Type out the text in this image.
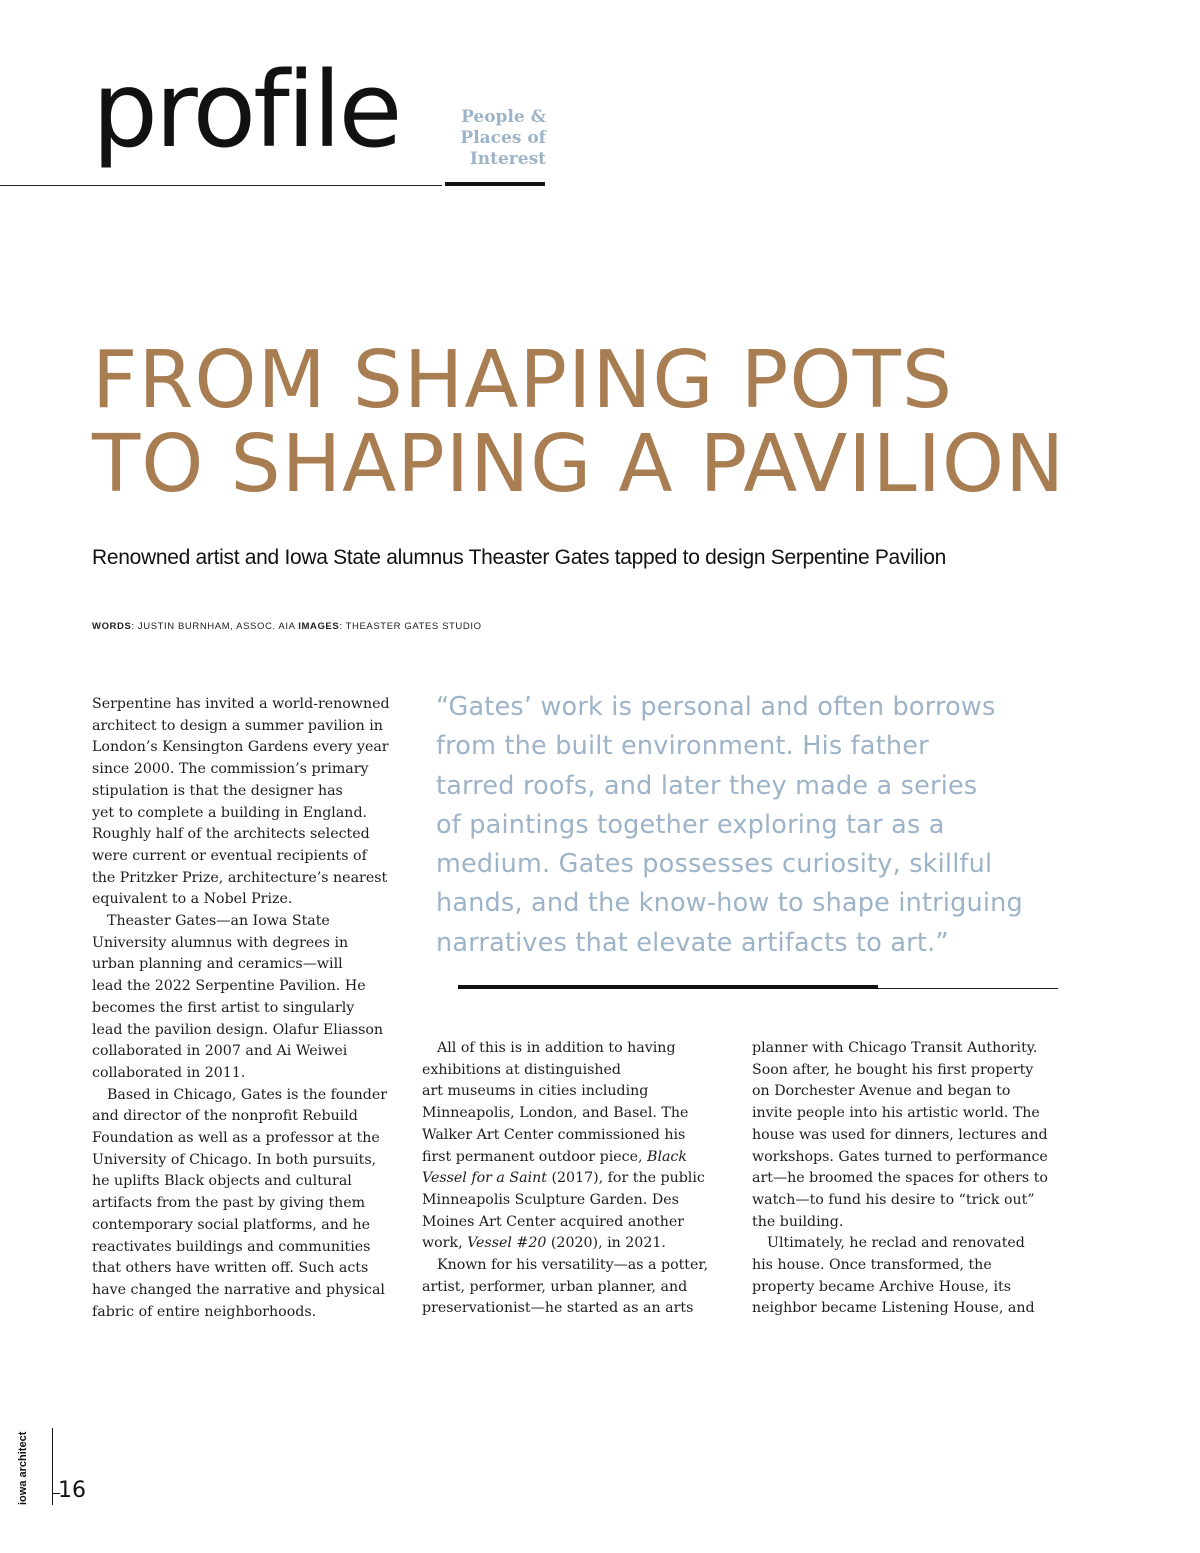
profile	People &
Places of
Interest
FROM SHAPING POTS
TO SHAPING A PAVILION
Renowned artist and Iowa State alumnus Theaster Gates tapped to design Serpentine Pavilion
WORDS: JUSTIN BURNHAM, ASSOC. AIA IMAGES: THEASTER GATES STUDIO

Serpentine has invited a world-renowned
architect to design a summer pavilion in
London’s Kensington Gardens every year
since 2000. The commission’s primary
stipulation is that the designer has
yet to complete a building in England.
Roughly half of the architects selected
were current or eventual recipients of
the Pritzker Prize, architecture’s nearest
equivalent to a Nobel Prize.

Theaster Gates—an Iowa State
University alumnus with degrees in
urban planning and ceramics—will
lead the 2022 Serpentine Pavilion. He
becomes the first artist to singularly
lead the pavilion design. Olafur Eliasson
collaborated in 2007 and Ai Weiwei
collaborated in 2011.

Based in Chicago, Gates is the founder
and director of the nonprofit Rebuild
Foundation as well as a professor at the
University of Chicago. In both pursuits,
he uplifts Black objects and cultural
artifacts from the past by giving them
contemporary social platforms, and he
reactivates buildings and communities
that others have written off. Such acts
have changed the narrative and physical
fabric of entire neighborhoods.

“Gates’ work is personal and often borrows
from the built environment. His father
tarred roofs, and later they made a series
of paintings together exploring tar as a
medium. Gates possesses curiosity, skillful
hands, and the know-how to shape intriguing
narratives that elevate artifacts to art.”

All of this is in addition to having
exhibitions at distinguished
art museums in cities including
Minneapolis, London, and Basel. The
Walker Art Center commissioned his
first permanent outdoor piece, Black
Vessel for a Saint (2017), for the public
Minneapolis Sculpture Garden. Des
Moines Art Center acquired another
work, Vessel #20 (2020), in 2021.

Known for his versatility—as a potter,
artist, performer, urban planner, and
preservationist—he started as an arts

planner with Chicago Transit Authority.
Soon after, he bought his first property
on Dorchester Avenue and began to
invite people into his artistic world. The
house was used for dinners, lectures and
workshops. Gates turned to performance
art—he broomed the spaces for others to
watch—to fund his desire to “trick out”
the building.

Ultimately, he reclad and renovated
his house. Once transformed, the
property became Archive House, its
neighbor became Listening House, and

iowa architect 16
